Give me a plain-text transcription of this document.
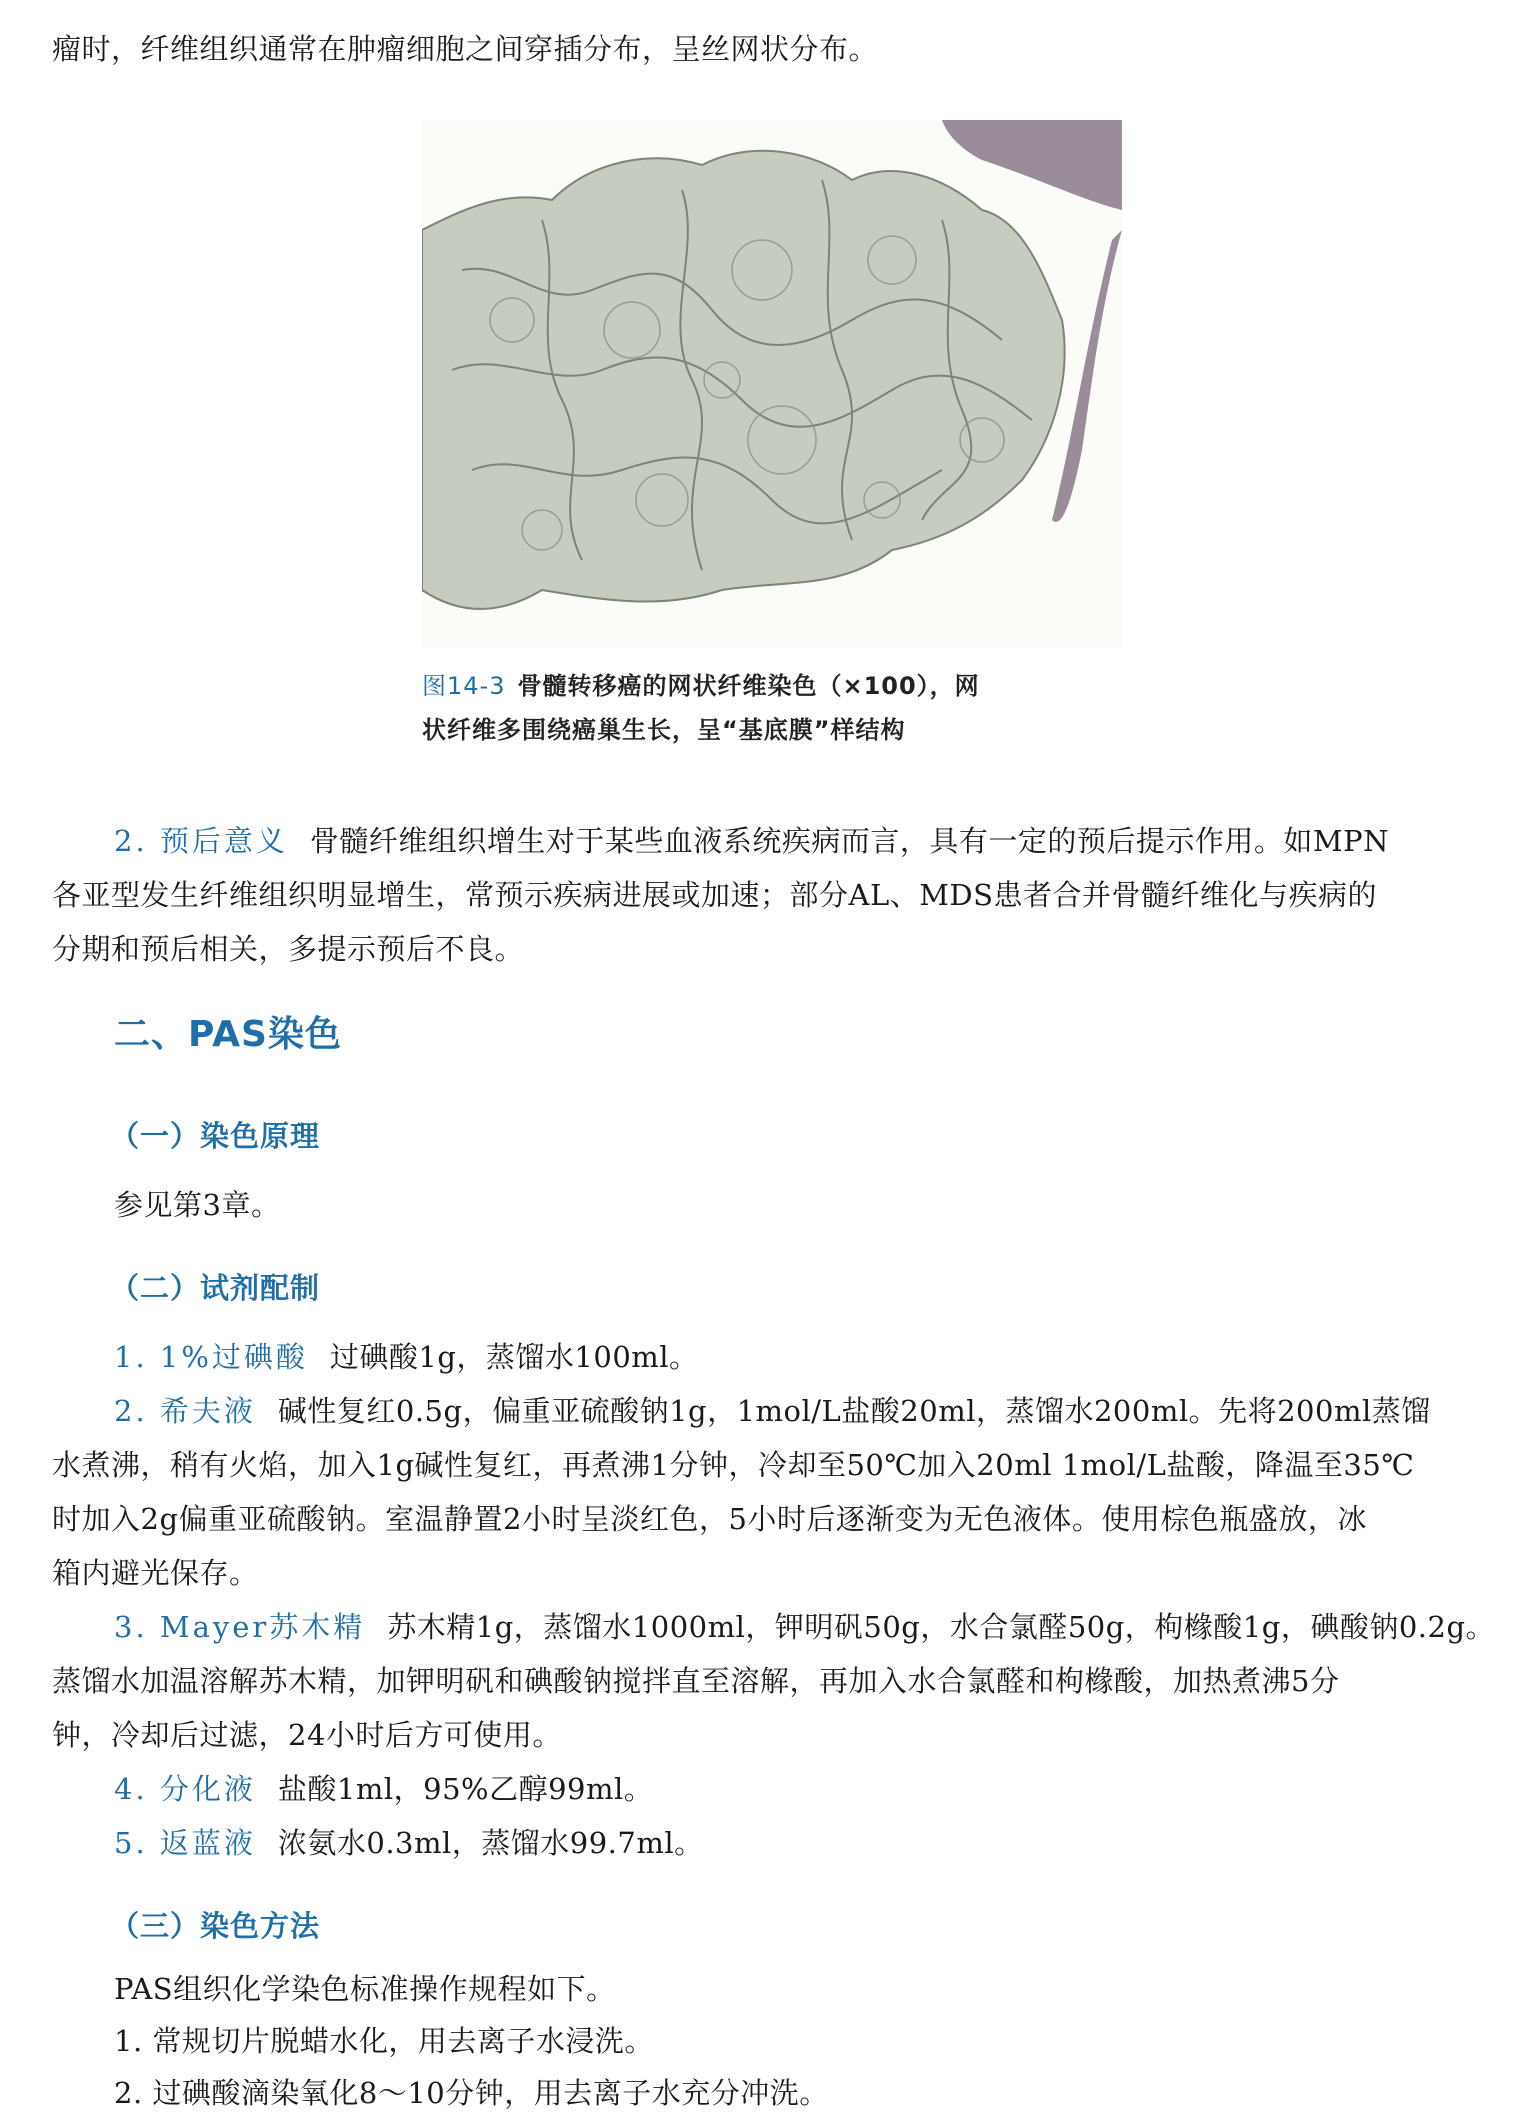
瘤时，纤维组织通常在肿瘤细胞之间穿插分布，呈丝网状分布。
图14-3 骨髓转移癌的网状纤维染色（×100），网
状纤维多围绕癌巢生长，呈“基底膜”样结构
2. 预后意义 骨髓纤维组织增生对于某些血液系统疾病而言，具有一定的预后提示作用。如MPN
各亚型发生纤维组织明显增生，常预示疾病进展或加速；部分AL、MDS患者合并骨髓纤维化与疾病的
分期和预后相关，多提示预后不良。
二、PAS染色
（一）染色原理
参见第3章。
（二）试剂配制
1. 1%过碘酸 过碘酸1g，蒸馏水100ml。
2. 希夫液 碱性复红0.5g，偏重亚硫酸钠1g，1mol/L盐酸20ml，蒸馏水200ml。先将200ml蒸馏
水煮沸，稍有火焰，加入1g碱性复红，再煮沸1分钟，冷却至50℃加入20ml 1mol/L盐酸，降温至35℃
时加入2g偏重亚硫酸钠。室温静置2小时呈淡红色，5小时后逐渐变为无色液体。使用棕色瓶盛放，冰
箱内避光保存。
3. Mayer苏木精 苏木精1g，蒸馏水1000ml，钾明矾50g，水合氯醛50g，枸橼酸1g，碘酸钠0.2g。
蒸馏水加温溶解苏木精，加钾明矾和碘酸钠搅拌直至溶解，再加入水合氯醛和枸橼酸，加热煮沸5分
钟，冷却后过滤，24小时后方可使用。
4. 分化液 盐酸1ml，95%乙醇99ml。
5. 返蓝液 浓氨水0.3ml，蒸馏水99.7ml。
（三）染色方法
PAS组织化学染色标准操作规程如下。
1. 常规切片脱蜡水化，用去离子水浸洗。
2. 过碘酸滴染氧化8～10分钟，用去离子水充分冲洗。
